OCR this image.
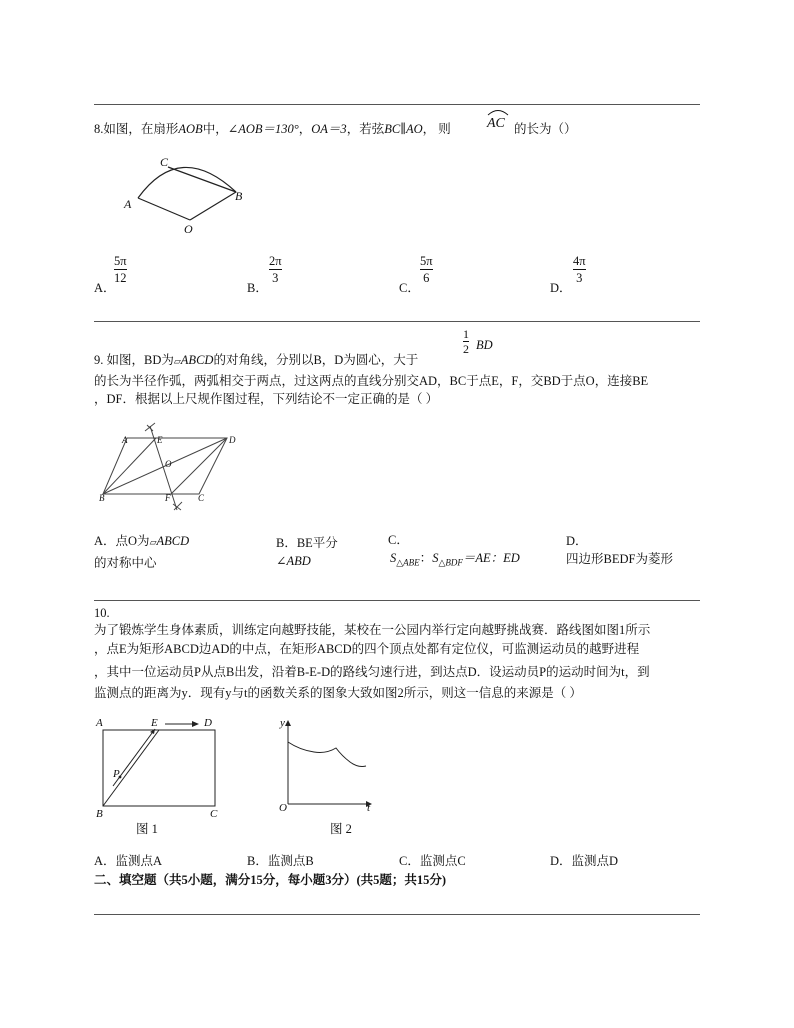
8.如图，在扇形AOB中，∠AOB＝130°，OA＝3，若弦BC∥AO， 则	AC 的长为（）
C
A
B
O
A．
5π
12
B．
2π
3
C．
5π
6
D．
4π
3
1
2 BD
9. 如图，BD为▱ABCD的对角线，分别以B，D为圆心，大于
的长为半径作弧，两弧相交于两点，过这两点的直线分别交AD，BC于点E，F，交BD于点O，连接BE
，DF．根据以上尺规作图过程，下列结论不一定正确的是（ ）
A	E	D
O
B	F	C
A．点O为▱ABCD
的对称中心
B．BE平分
∠ABD
C．
$S_{\triangle ABE}$：$S_{\triangle BDF}=AE$：ED
D．
四边形BEDF为菱形
10.
为了锻炼学生身体素质，训练定向越野技能，某校在一公园内举行定向越野挑战赛．路线图如图1所示
，点E为矩形ABCD边AD的中点，在矩形ABCD的四个顶点处都有定位仪，可监测运动员的越野进程
，其中一位运动员P从点B出发，沿着B-E-D的路线匀速行进，到达点D．设运动员P的运动时间为t，到
监测点的距离为y．现有y与t的函数关系的图象大致如图2所示，则这一信息的来源是（ ）
A	E	D
P
B	C
图 1
y
O	t
图 2
A．监测点A	B．监测点B	C．监测点C	D．监测点D
二、填空题（共5小题，满分15分，每小题3分）(共5题；共15分)
